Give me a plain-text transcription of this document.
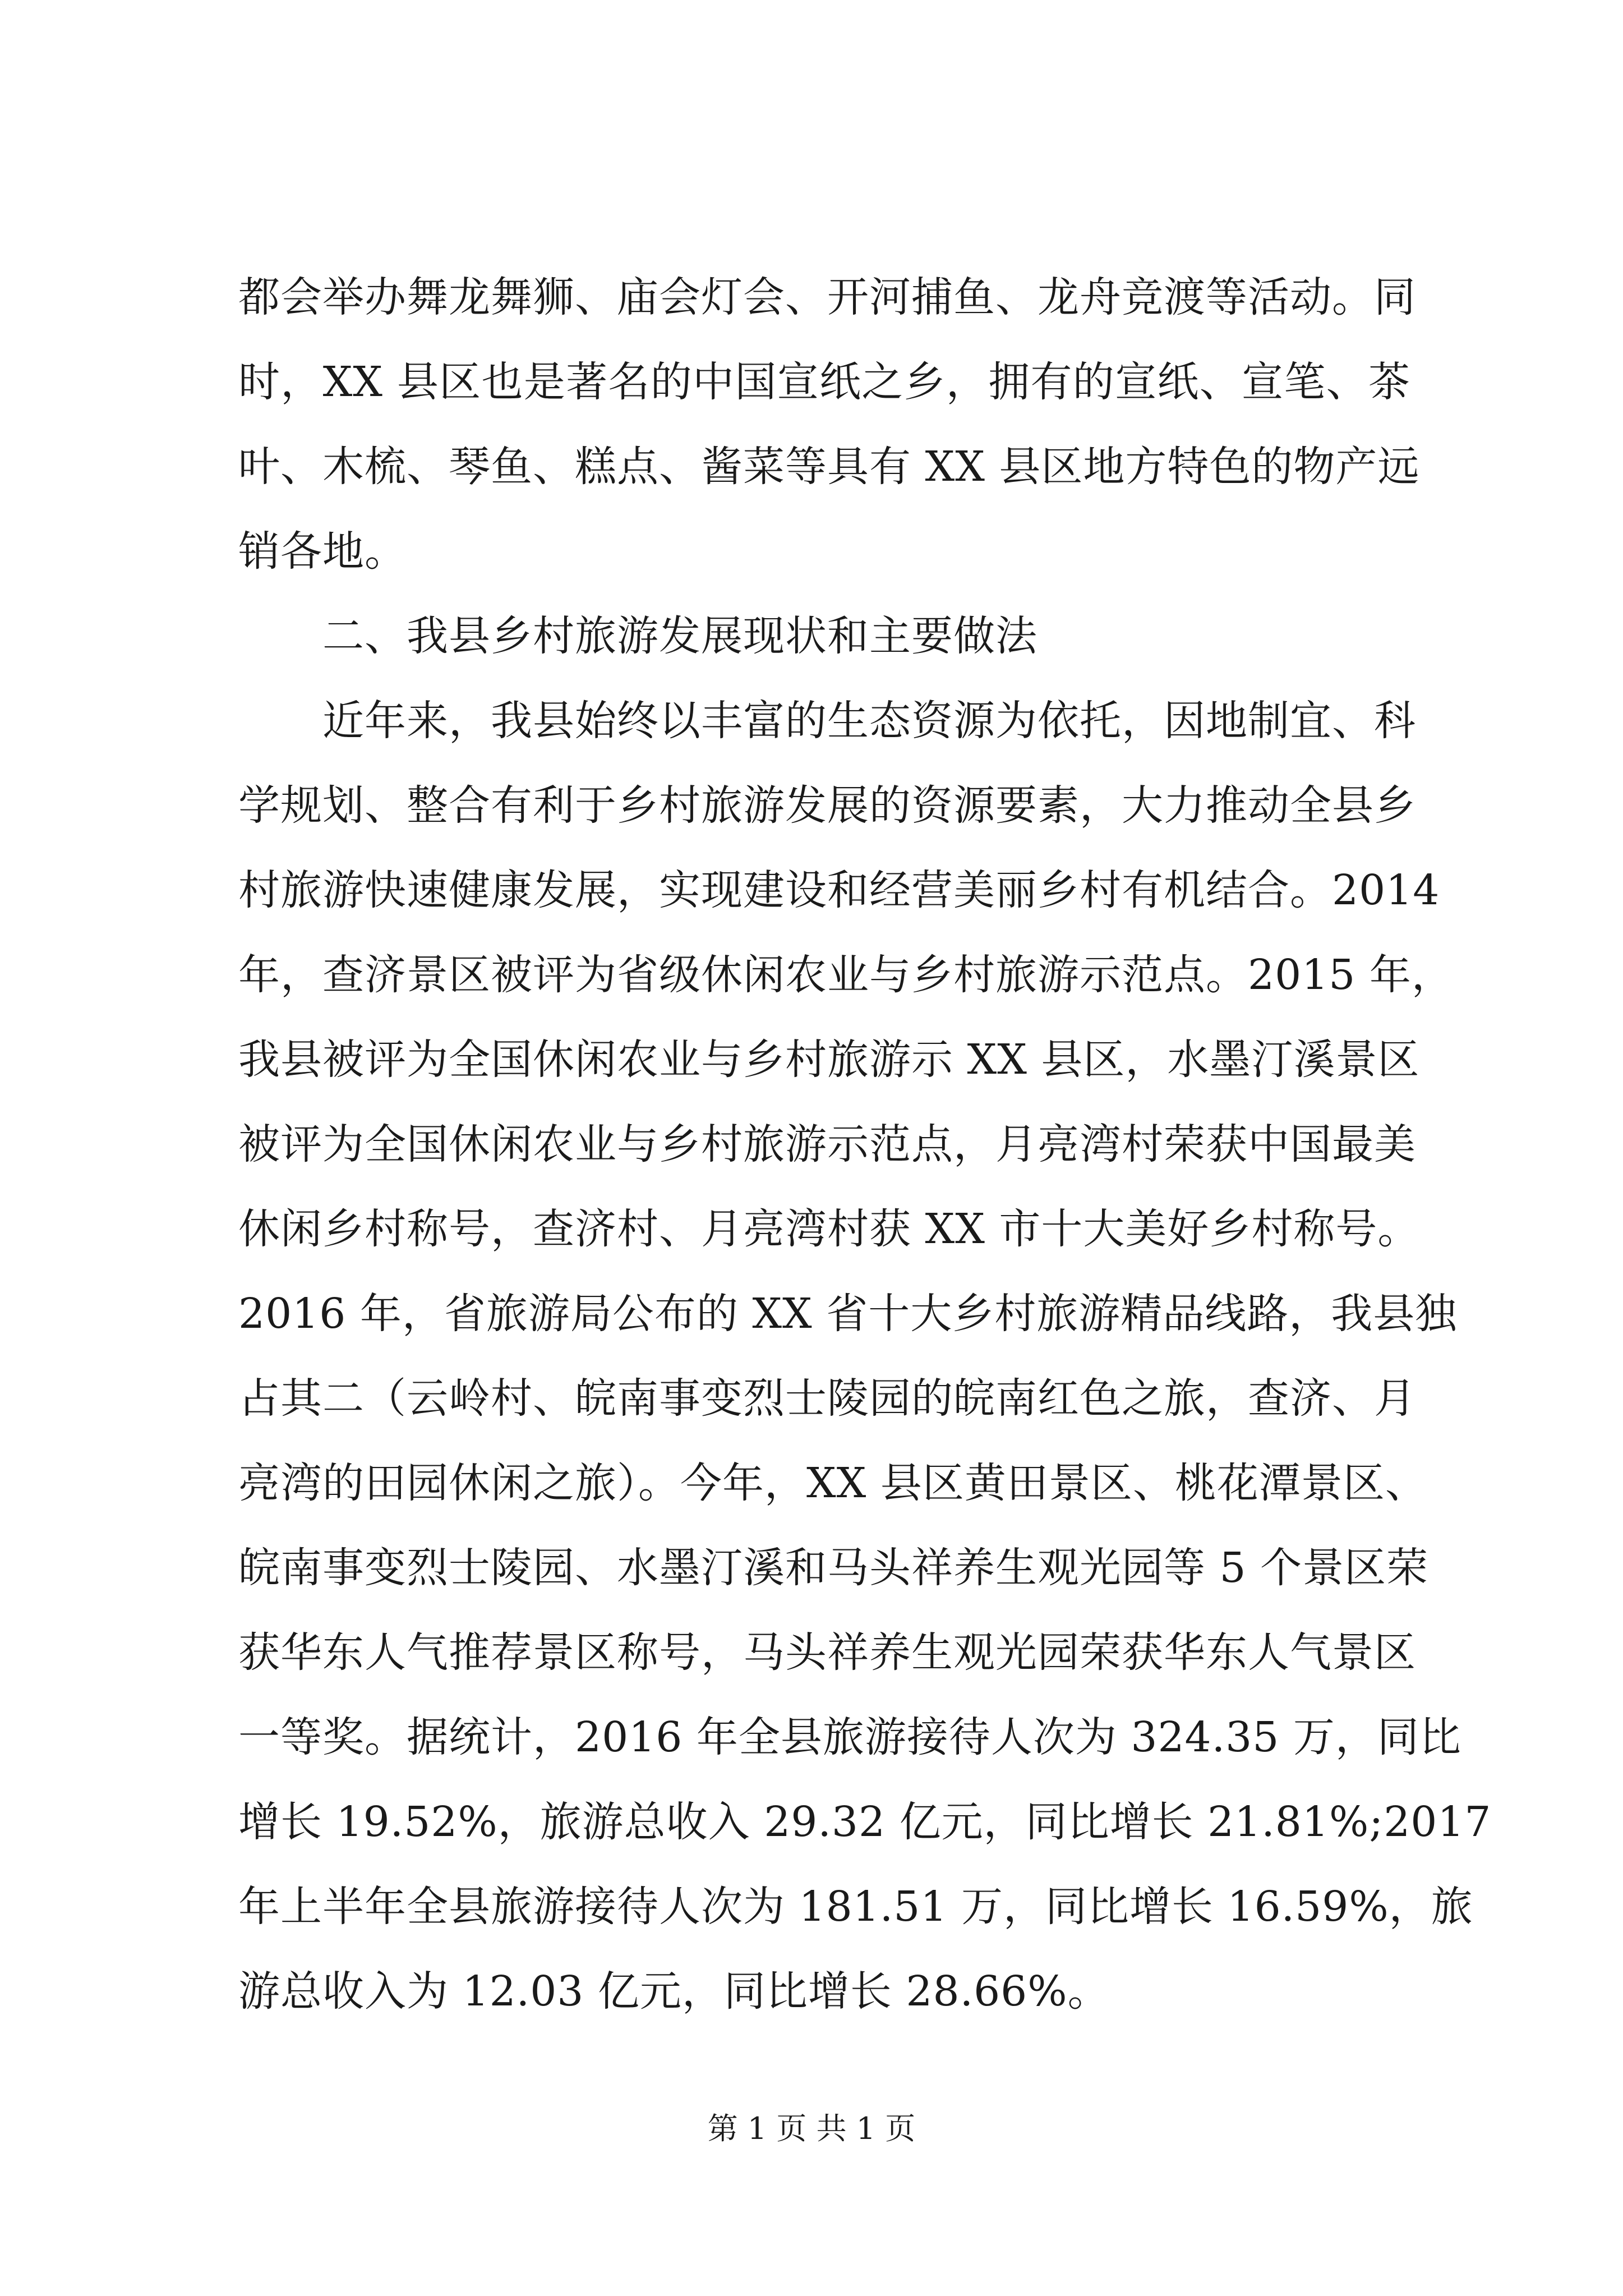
都会举办舞龙舞狮、庙会灯会、开河捕鱼、龙舟竞渡等活动。同
时，XX 县区也是著名的中国宣纸之乡，拥有的宣纸、宣笔、茶
叶、木梳、琴鱼、糕点、酱菜等具有 XX 县区地方特色的物产远
销各地。
二、我县乡村旅游发展现状和主要做法
近年来，我县始终以丰富的生态资源为依托，因地制宜、科
学规划、整合有利于乡村旅游发展的资源要素，大力推动全县乡
村旅游快速健康发展，实现建设和经营美丽乡村有机结合。2014
年，查济景区被评为省级休闲农业与乡村旅游示范点。2015 年，
我县被评为全国休闲农业与乡村旅游示 XX 县区，水墨汀溪景区
被评为全国休闲农业与乡村旅游示范点，月亮湾村荣获中国最美
休闲乡村称号，查济村、月亮湾村获 XX 市十大美好乡村称号。
2016 年，省旅游局公布的 XX 省十大乡村旅游精品线路，我县独
占其二（云岭村、皖南事变烈士陵园的皖南红色之旅，查济、月
亮湾的田园休闲之旅）。今年，XX 县区黄田景区、桃花潭景区、
皖南事变烈士陵园、水墨汀溪和马头祥养生观光园等 5 个景区荣
获华东人气推荐景区称号，马头祥养生观光园荣获华东人气景区
一等奖。据统计，2016 年全县旅游接待人次为 324.35 万，同比
增长 19.52%，旅游总收入 29.32 亿元，同比增长 21.81%;2017
年上半年全县旅游接待人次为 181.51 万，同比增长 16.59%，旅
游总收入为 12.03 亿元，同比增长 28.66%。
第 1 页 共 1 页
